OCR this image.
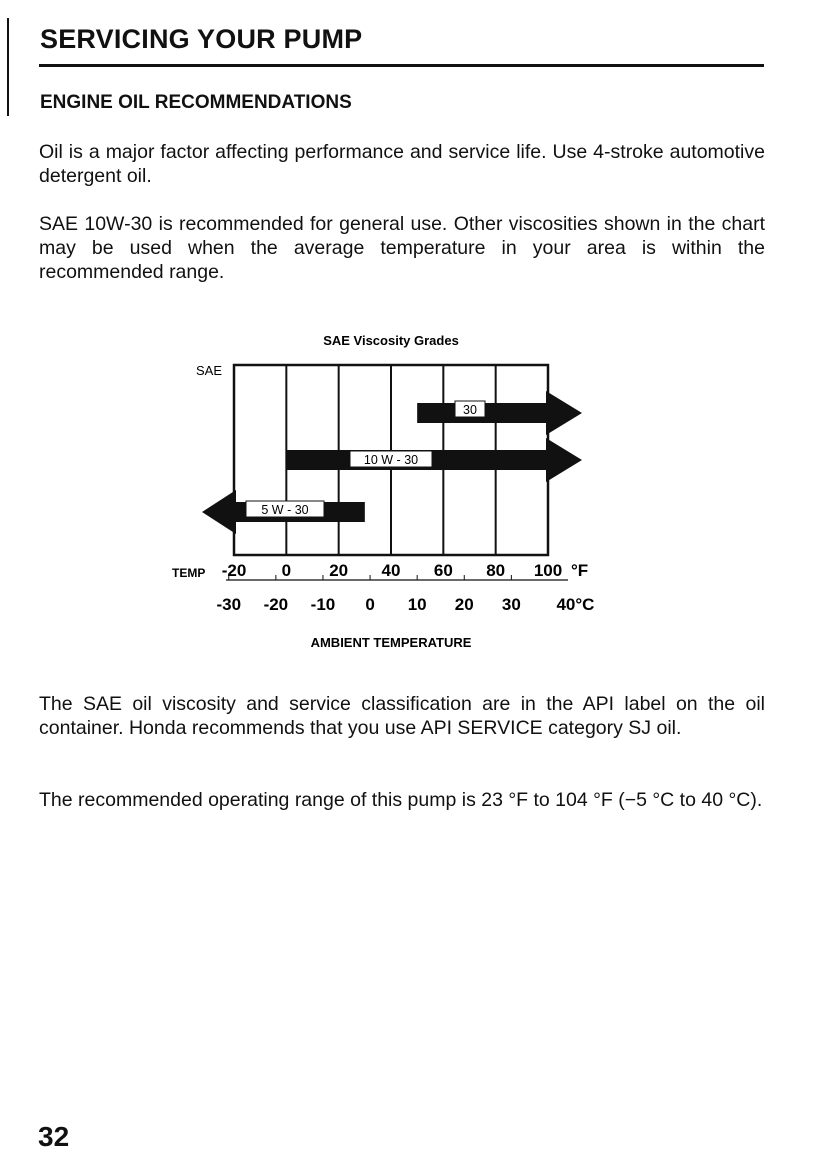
SERVICING YOUR PUMP
ENGINE OIL RECOMMENDATIONS

Oil is a major factor affecting performance and service life. Use 4-stroke automotive detergent oil.

SAE 10W-30 is recommended for general use. Other viscosities shown in the chart may be used when the average temperature in your area is within the recommended range.

SAE Viscosity Grades
SAE
30
10 W - 30
5 W - 30
TEMP -20 0 20 40 60 80 100 °F
-30 -20 -10 0 10 20 30 40°C
AMBIENT TEMPERATURE

The SAE oil viscosity and service classification are in the API label on the oil container. Honda recommends that you use API SERVICE category SJ oil.

The recommended operating range of this pump is 23 °F to 104 °F (−5 °C to 40 °C).

32
